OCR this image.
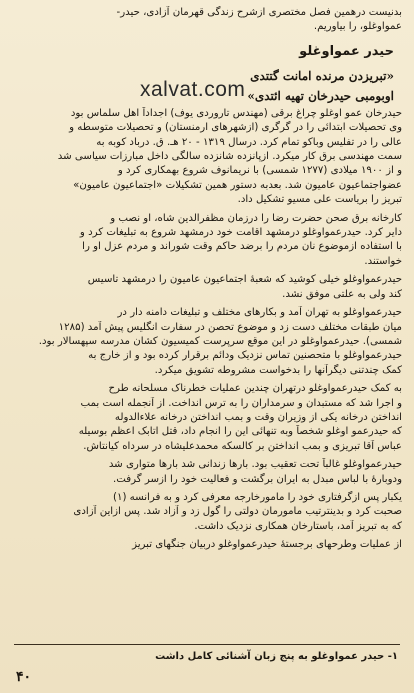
بدنیست درهمین فصل مختصری ازشرح زندگی قهرمان آزادی، حیدر-
عمواوغلو، را بیاوریم.
حیدر عمواوغلو
«تبریزدن مرنده امانت گتتدی
اوبومبی حیدرخان تهیه ائتدی»
حیدرخان عمو اوغلو چراغ برقی (مهندس تاروردی یوف) اجداداً اهل سلماس بود
وی تحصیلات ابتدائی را در گرگری (ازشهرهای ارمنستان) و تحصیلات متوسطه و
عالی را در تفلیس وباکو تمام کرد. درسال ۱۳۱۹ - ۲۰ هـ. ق. درباد کوبه به
سمت مهندسی برق کار میکرد. ازپانزده شانزده سالگی داخل مبارزات سیاسی شد
و از ۱۹۰۰ میلادی (۱۲۷۷ شمسی) با نریمانوف شروع بهمکاری کرد و
عضواجتماعیون عامیون شد. بعدبه دستور همین تشکیلات «اجتماعیون عامیون»
تبریز را بریاست علی مسیو تشکیل داد.
کارخانه برق صحن حضرت رضا را درزمان مظفرالدین شاه، او نصب و
دایر کرد. حیدرعمواوغلو درمشهد اقامت خود درمشهد شروع به تبلیغات کرد و
با استفاده ازموضوع نان مردم را برضد حاکم وقت شوراند و مردم عزل او را
خواستند.
حیدرعمواوغلو خیلی کوشید که شعبهٔ اجتماعیون عامیون را درمشهد تاسیس
کند ولی به علتی موفق نشد.
حیدرعمواوغلو به تهران آمد و بکارهای مختلف و تبلیغات دامنه دار در
میان طبقات مختلف دست زد و موضوع تحصن در سفارت انگلیس پیش آمد (۱۲۸۵
شمسی). حیدرعمواوغلو در این موقع سرپرست کمیسیون کشان مدرسه سپهسالار بود.
حیدرعمواوغلو با متحصنین تماس نزدیک ودائم برقرار کرده بود و از خارج به
کمک چندتنی دیگرآنها را بدخواست مشروطه تشویق میکرد.
به کمک حیدرعمواوغلو درتهران چندین عملیات خطرناک مسلحانه طرح
و اجرا شد که مستبدان و سرمداران را به ترس انداخت. از آنجمله است بمب
انداختن درخانه یکی از وزیران وقت و بمب انداختن درخانه علاءالدوله
که حیدرعمو اوغلو شخصاً وبه تنهائی این را انجام داد، قتل اتابک اعظم بوسیله
عباس آقا تبریزی و بمب انداختن بر کالسکه محمدعلیشاه در سرداه کیانتاش.
حیدرعمواوغلو غالباً تحت تعقیب بود. بارها زندانی شد بارها متواری شد
ودوبارهٔ با لباس مبدل به ایران برگشت و فعالیت خود را ازسر گرفت.
یکبار پس ازگرفتاری خود را مامورخارجه معرفی کرد و به فرانسه (۱)
صحبت کرد و بدینترتیب مامورمان دولتی را گول زد و آزاد شد. پس ازاین آزادی
که به تبریز آمد، باستارخان همکاری نزدیک داشت.
از عملیات وطرحهای برجستهٔ حیدرعمواوغلو دربیان جنگهای تبریز
xalvat.com
۱- حیدر عمواوغلو به پنج زبان آشنائی کامل داشت
۴۰
